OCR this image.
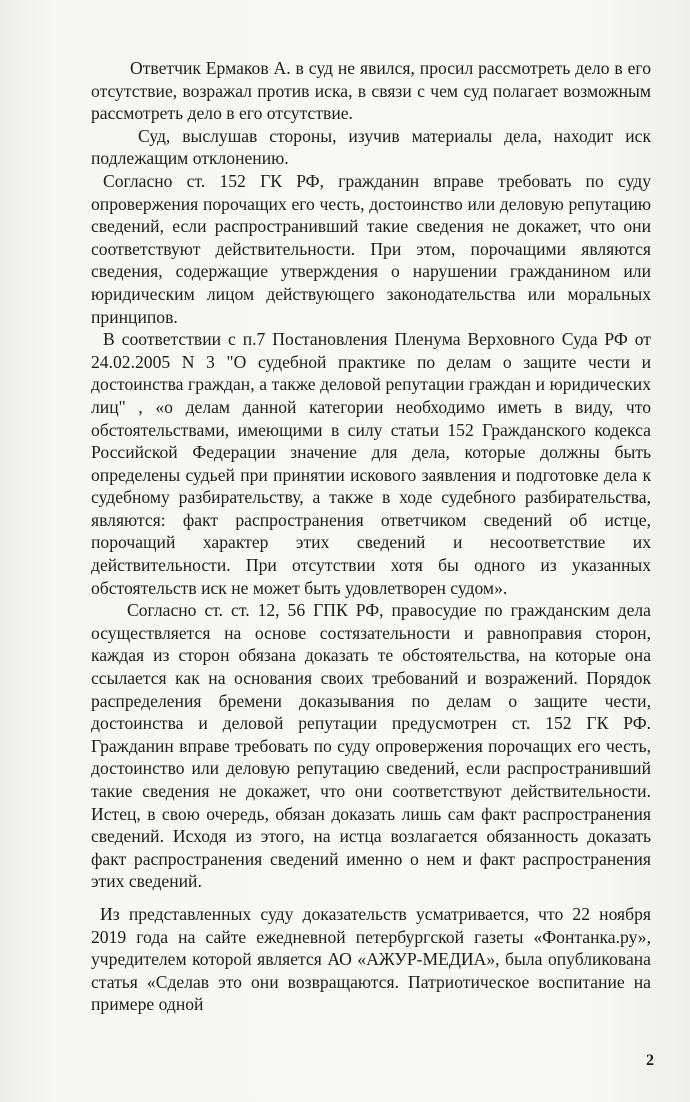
Ответчик Ермаков А. в суд не явился, просил рассмотреть дело в его отсутствие, возражал против иска, в связи с чем суд полагает возможным рассмотреть дело в его отсутствие.

Суд, выслушав стороны, изучив материалы дела, находит иск подлежащим отклонению.

Согласно ст. 152 ГК РФ, гражданин вправе требовать по суду опровержения порочащих его честь, достоинство или деловую репутацию сведений, если распространивший такие сведения не докажет, что они соответствуют действительности. При этом, порочащими являются сведения, содержащие утверждения о нарушении гражданином или юридическим лицом действующего законодательства или моральных принципов.

В соответствии с п.7 Постановления Пленума Верховного Суда РФ от 24.02.2005 N 3 "О судебной практике по делам о защите чести и достоинства граждан, а также деловой репутации граждан и юридических лиц" , «о делам данной категории необходимо иметь в виду, что обстоятельствами, имеющими в силу статьи 152 Гражданского кодекса Российской Федерации значение для дела, которые должны быть определены судьей при принятии искового заявления и подготовке дела к судебному разбирательству, а также в ходе судебного разбирательства, являются: факт распространения ответчиком сведений об истце, порочащий характер этих сведений и несоответствие их действительности. При отсутствии хотя бы одного из указанных обстоятельств иск не может быть удовлетворен судом».

Согласно ст. ст. 12, 56 ГПК РФ, правосудие по гражданским дела осуществляется на основе состязательности и равноправия сторон, каждая из сторон обязана доказать те обстоятельства, на которые она ссылается как на основания своих требований и возражений. Порядок распределения бремени доказывания по делам о защите чести, достоинства и деловой репутации предусмотрен ст. 152 ГК РФ. Гражданин вправе требовать по суду опровержения порочащих его честь, достоинство или деловую репутацию сведений, если распространивший такие сведения не докажет, что они соответствуют действительности. Истец, в свою очередь, обязан доказать лишь сам факт распространения сведений. Исходя из этого, на истца возлагается обязанность доказать факт распространения сведений именно о нем и факт распространения этих сведений.

Из представленных суду доказательств усматривается, что 22 ноября 2019 года на сайте ежедневной петербургской газеты «Фонтанка.ру», учредителем которой является АО «АЖУР-МЕДИА», была опубликована статья «Сделав это они возвращаются. Патриотическое воспитание на примере одной

2
